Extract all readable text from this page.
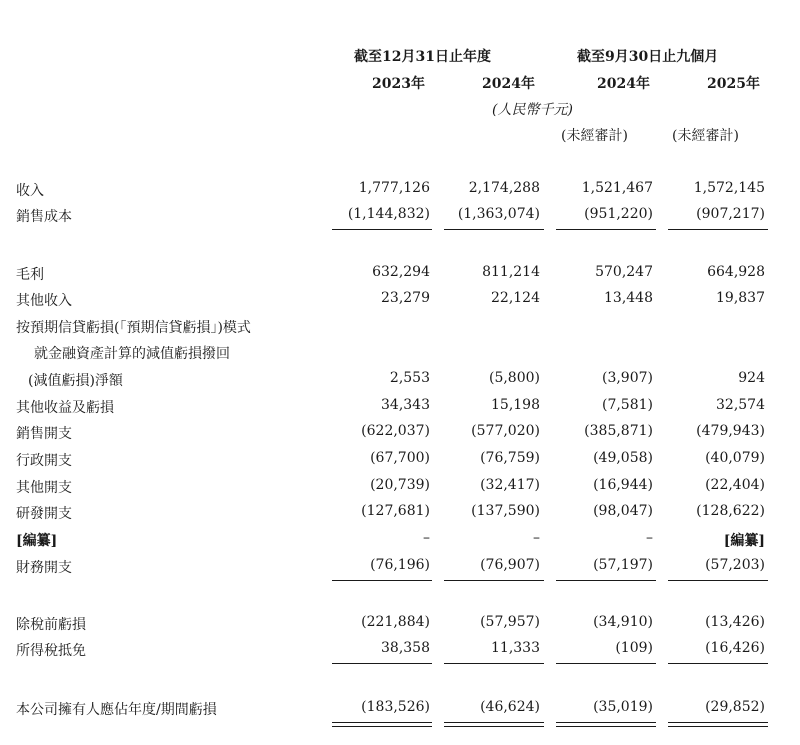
截至12月31日止年度	截至9月30日止九個月
2023年	2024年	2024年	2025年
(人民幣千元)
(未經審計)	(未經審計)
收入	1,777,126	2,174,288	1,521,467	1,572,145
銷售成本	(1,144,832)	(1,363,074)	(951,220)	(907,217)
毛利	632,294	811,214	570,247	664,928
其他收入	23,279	22,124	13,448	19,837
按預期信貸虧損(「預期信貸虧損」)模式
就金融資產計算的減值虧損撥回
(減值虧損)淨額	2,553	(5,800)	(3,907)	924
其他收益及虧損	34,343	15,198	(7,581)	32,574
銷售開支	(622,037)	(577,020)	(385,871)	(479,943)
行政開支	(67,700)	(76,759)	(49,058)	(40,079)
其他開支	(20,739)	(32,417)	(16,944)	(22,404)
研發開支	(127,681)	(137,590)	(98,047)	(128,622)
[編纂]	–	–	–	[編纂]
財務開支	(76,196)	(76,907)	(57,197)	(57,203)
除稅前虧損	(221,884)	(57,957)	(34,910)	(13,426)
所得稅抵免	38,358	11,333	(109)	(16,426)
本公司擁有人應佔年度/期間虧損	(183,526)	(46,624)	(35,019)	(29,852)
